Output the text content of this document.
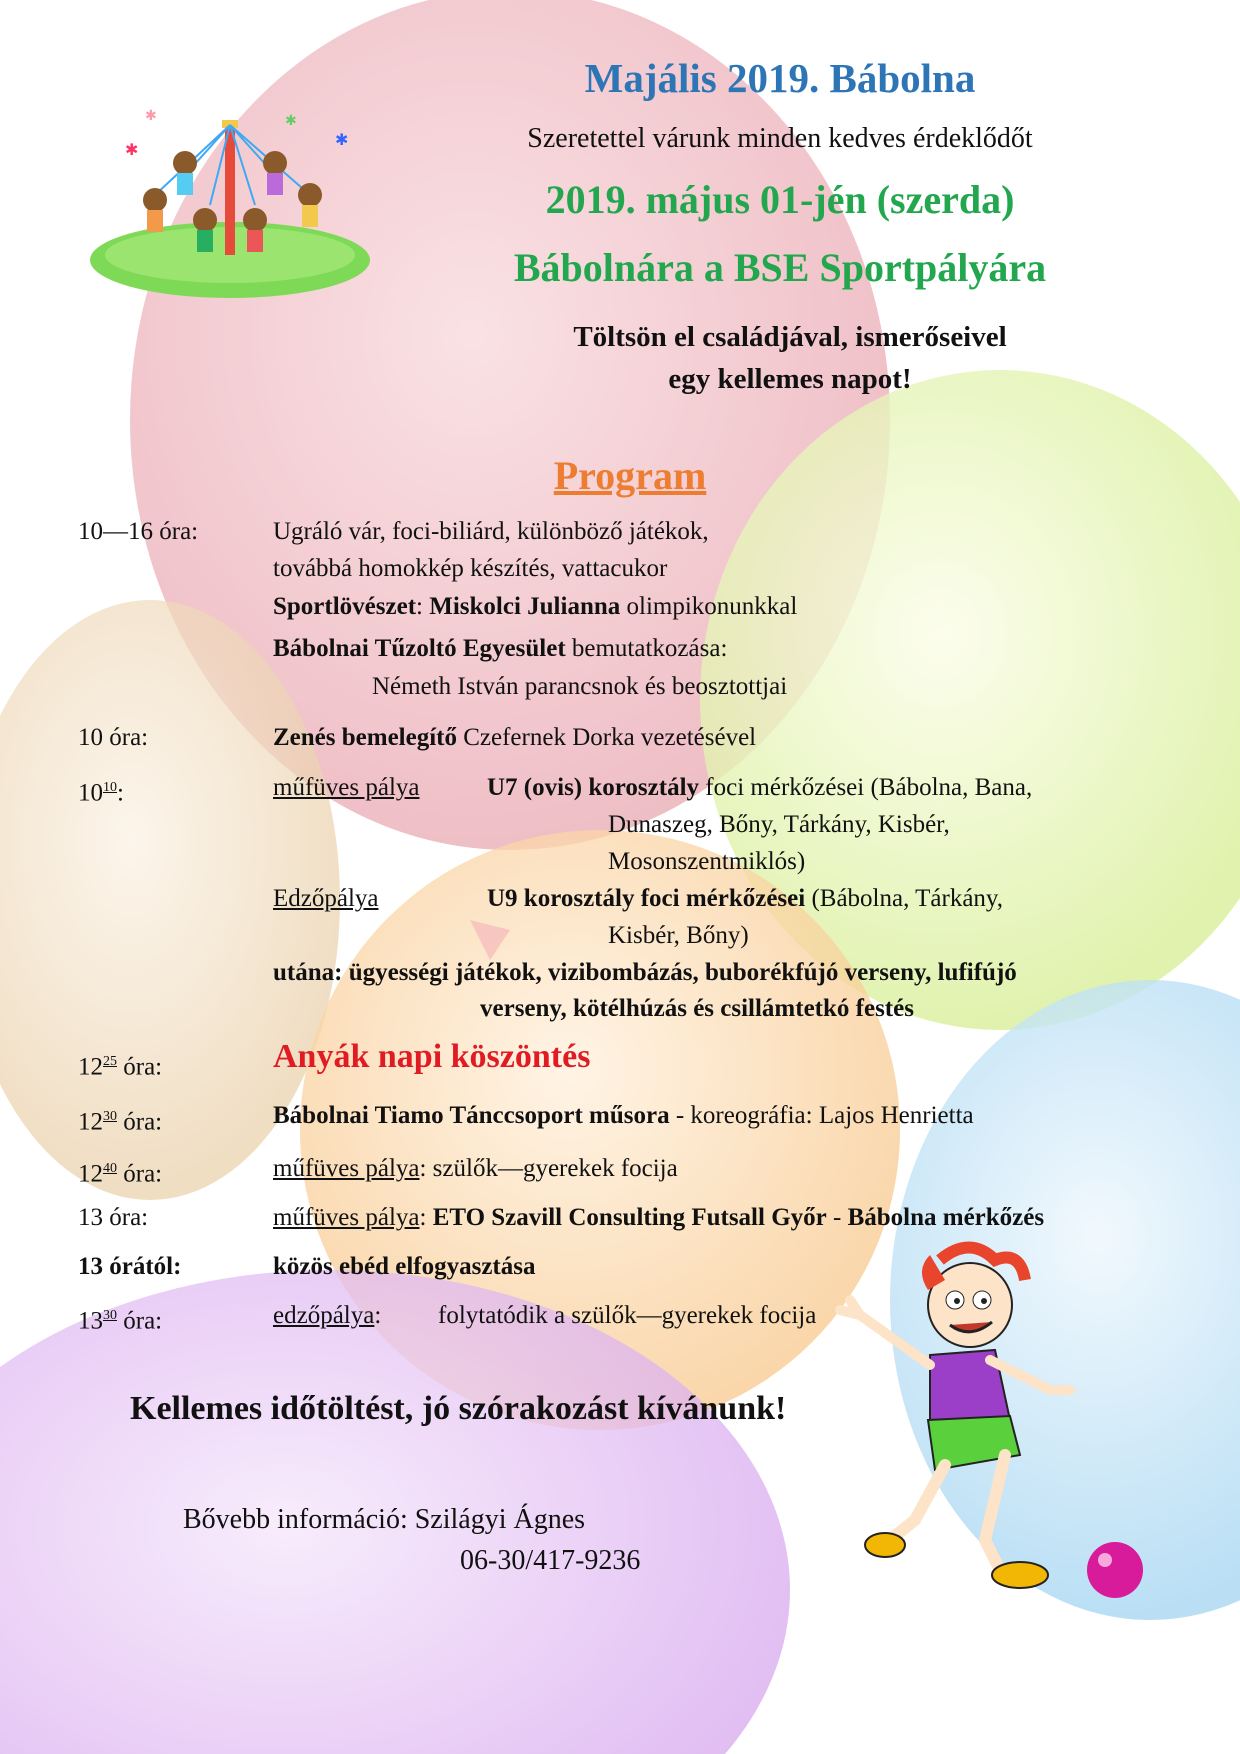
✱
✱
✱	✱
Majális 2019. Bábolna
Szeretettel várunk minden kedves érdeklődőt
2019. május 01-jén (szerda)
Bábolnára a BSE Sportpályára
Töltsön el családjával, ismerőseivel
egy kellemes napot!
Program
10—16 óra:	Ugráló vár, foci-biliárd, különböző játékok,
továbbá homokkép készítés, vattacukor
Sportlövészet: Miskolci Julianna olimpikonunkkal
Bábolnai Tűzoltó Egyesület bemutatkozása:
Németh István parancsnok és beosztottjai
10 óra:	Zenés bemelegítő Czefernek Dorka vezetésével
$10^{10}$:	műfüves pálya	U7 (ovis) korosztály foci mérkőzései (Bábolna, Bana,
Dunaszeg, Bőny, Tárkány, Kisbér,
Mosonszentmiklós)
Edzőpálya	U9 korosztály foci mérkőzései (Bábolna, Tárkány,
Kisbér, Bőny)
utána: ügyességi játékok, vizibombázás, buborékfújó verseny, lufifújó
verseny, kötélhúzás és csillámtetkó festés
$12^{25}$ óra:	Anyák napi köszöntés
$12^{30}$ óra:	Bábolnai Tiamo Tánccsoport műsora - koreográfia: Lajos Henrietta
$12^{40}$ óra:	műfüves pálya: szülők—gyerekek focija
13 óra:	műfüves pálya: ETO Szavill Consulting Futsall Győr - Bábolna mérkőzés
13 órától:	közös ebéd elfogyasztása
$13^{30}$ óra:	edzőpálya: folytatódik a szülők—gyerekek focija
Kellemes időtöltést, jó szórakozást kívánunk!
Bővebb információ: Szilágyi Ágnes
06-30/417-9236
